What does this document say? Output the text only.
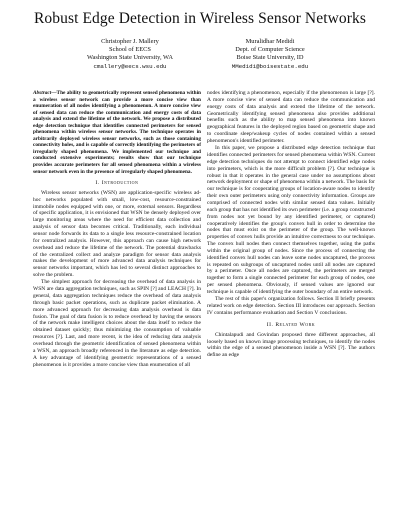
Robust Edge Detection in Wireless Sensor Networks
Christopher J. Mallery
School of EECS
Washington State University, WA
cmallery@eecs.wsu.edu
Muralidhar Medidi
Dept. of Computer Science
Boise State University, ID
MMedidi@boisestate.edu
Abstract—The ability to geometrically represent sensed phenomena within a wireless sensor network can provide a more concise view than enumeration of all nodes identifying a phenomenon. A more concise view of sensed data can reduce the communication and energy costs of data analysis and extend the lifetime of the network. We propose a distributed edge detection technique that identifies connected perimeters for sensed phenomena within wireless sensor networks. The technique operates in arbitrarily deployed wireless sensor networks, such as those containing connectivity holes, and is capable of correctly identifying the perimeters of irregularly shaped phenomena. We implemented our technique and conducted extensive experiments; results show that our technique provides accurate perimeters for all sensed phenomena within a wireless sensor network even in the presence of irregularly shaped phenomena.
I. Introduction

Wireless sensor networks (WSN) are application-specific wireless ad-hoc networks populated with small, low-cost, resource-constrained immobile nodes equipped with one, or more, external sensors. Regardless of specific application, it is envisioned that WSN be densely deployed over large monitoring areas where the need for efficient data collection and analysis of sensor data becomes critical. Traditionally, each individual sensor node forwards its data to a single less resource-constrained location for centralized analysis. However, this approach can cause high network overhead and reduce the lifetime of the network. The potential drawbacks of the centralized collect and analyze paradigm for sensor data analysis makes the development of more advanced data analysis techniques for sensor networks important, which has led to several distinct approaches to solve the problem.

The simplest approach for decreasing the overhead of data analysis in WSN are data aggregation techniques, such as SPIN [?] and LEACH [?]. In general, data aggregation techniques reduce the overhead of data analysis through basic packet operations, such as duplicate packet elimination. A more advanced approach for decreasing data analysis overhead is data fusion. The goal of data fusion is to reduce overhead by having the sensors of the network make intelligent choices about the data itself to reduce the obtained dataset quickly; thus minimizing the consumption of valuable resources [?]. Last, and more recent, is the idea of reducing data analysis overhead through the geometric identification of sensed phenomena within a WSN, an approach broadly referenced in the literature as edge detection. A key advantage of identifying geometric representations of a sensed phenomenon is it provides a more concise view than enumeration of all

nodes identifying a phenomenon, especially if the phenomenon is large [?]. A more concise view of sensed data can reduce the communication and energy costs of data analysis and extend the lifetime of the network. Geometrically identifying sensed phenomena also provides additional benefits such as the ability to map sensed phenomena into known geographical features in the deployed region based on geometric shape and to coordinate sleep/wakeup cycles of nodes contained within a sensed phenomenon's identified perimeter.

In this paper, we propose a distributed edge detection technique that identifies connected perimeters for sensed phenomena within WSN. Current edge detection techniques do not attempt to connect identified edge nodes into perimeters, which is the more difficult problem [?]. Our technique is robust in that it operates in the general case under no assumptions about network deployment or shape of phenomena within a network. The basis for our technique is for cooperating groups of location-aware nodes to identify their own outer perimeters using only connectivity information. Groups are comprised of connected nodes with similar sensed data values. Initially each group that has not identified its own perimeter (i.e. a group constructed from nodes not yet bound by any identified perimeter, or captured) cooperatively identifies the group's convex hull in order to determine the nodes that must exist on the perimeter of the group. The well-known properties of convex hulls provide an intuitive correctness to our technique. The convex hull nodes then connect themselves together, using the paths within the original group of nodes. Since the process of connecting the identified convex hull nodes can leave some nodes uncaptured, the process is repeated on subgroups of uncaptured nodes until all nodes are captured by a perimeter. Once all nodes are captured, the perimeters are merged together to form a single connected perimeter for each group of nodes, one per sensed phenomena. Obviously, if sensed values are ignored our technique is capable of identifying the outer boundary of an entire network.

The rest of this paper's organization follows. Section II briefly presents related work on edge detection. Section III introduces our approach. Section IV contains performance evaluation and Section V conclusions.

II. Related Work

Chintalapudi and Govindan proposed three different approaches, all loosely based on known image processing techniques, to identify the nodes within the edge of a sensed phenomenon inside a WSN [?]. The authors define an edge
